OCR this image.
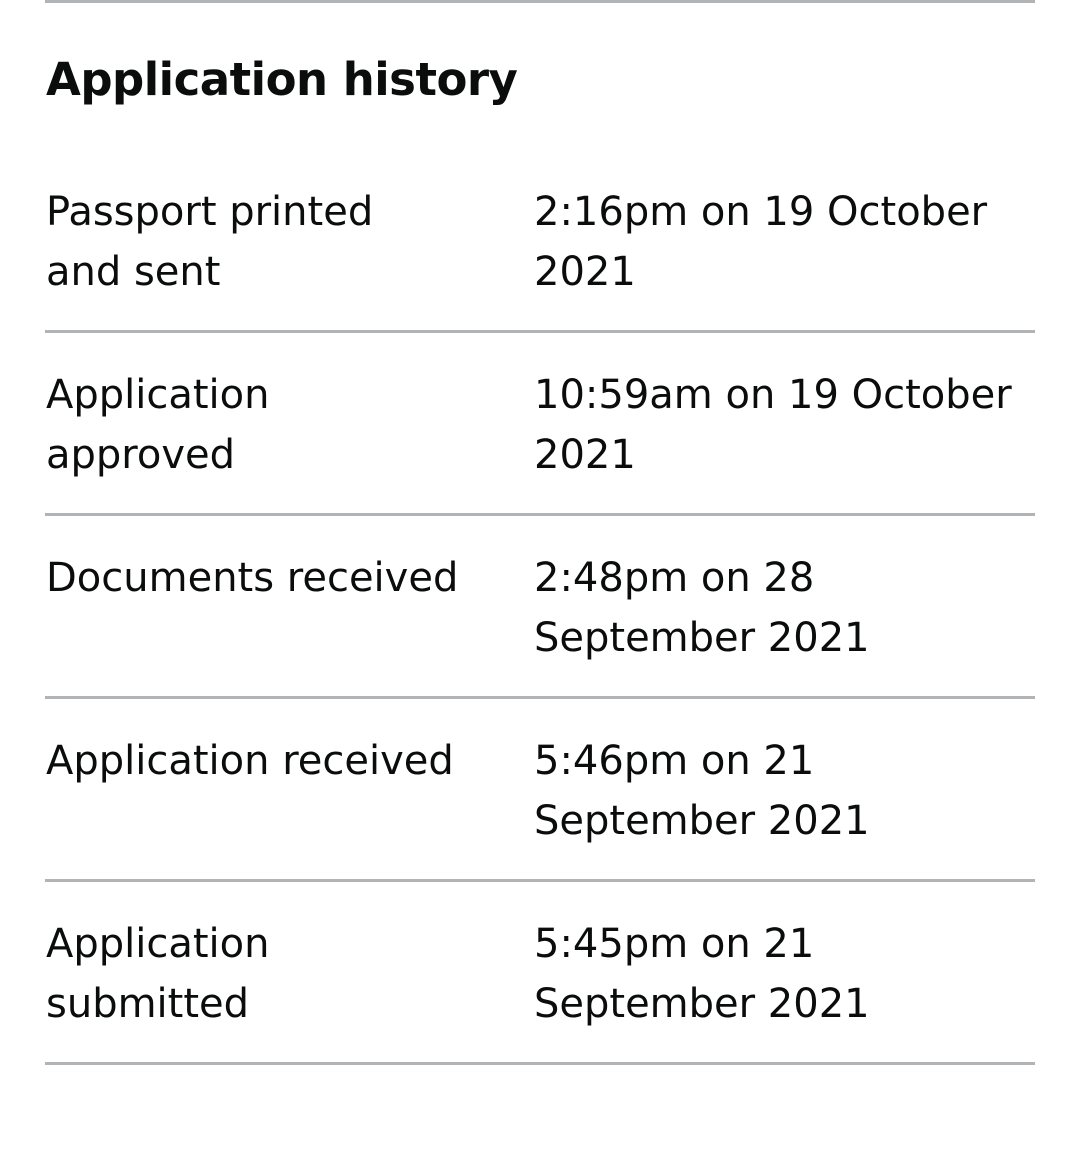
Application history
Passport printed
and sent
2:16pm on 19 October
2021
Application
approved
10:59am on 19 October
2021
Documents received	2:48pm on 28
September 2021
Application received	5:46pm on 21
September 2021
Application
submitted
5:45pm on 21
September 2021
